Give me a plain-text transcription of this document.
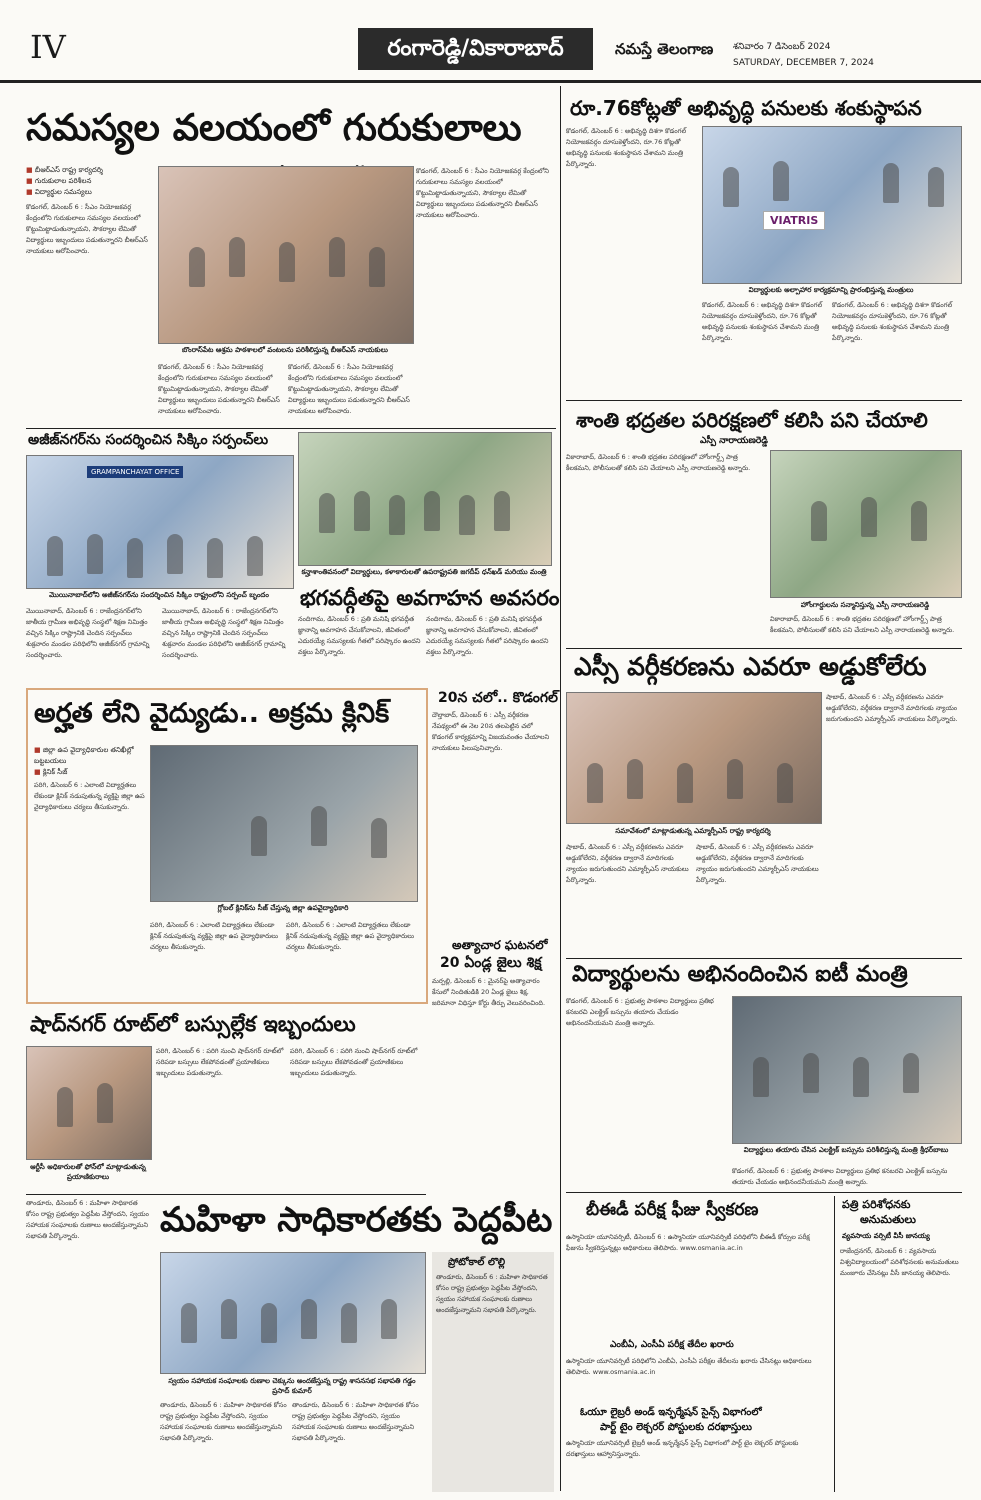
IV	రంగారెడ్డి/వికారాబాద్	నమస్తే తెలంగాణ శనివారం 7 డిసెంబర్ 2024
SATURDAY, DECEMBER 7, 2024
సమస్యల వలయంలో గురుకులాలు
■ బీఆర్‌ఎస్ రాష్ట్ర కార్యదర్శి
■ గురుకులాల పరిశీలన
■ విద్యార్థుల సమస్యలు
కొడంగల్, డిసెంబర్ 6 : సీఎం నియోజకవర్గ కేంద్రంలోని గురుకులాలు సమస్యల వలయంలో కొట్టుమిట్టాడుతున్నాయని, సౌకర్యాల లేమితో విద్యార్థులు ఇబ్బందులు పడుతున్నారని బీఆర్‌ఎస్ నాయకులు ఆరోపించారు.
బొంరాస్‌పేట ఆశ్రమ పాఠశాలలో వంటలను పరిశీలిస్తున్న బీఆర్‌ఎస్ నాయకులు
కొడంగల్, డిసెంబర్ 6 : సీఎం నియోజకవర్గ కేంద్రంలోని గురుకులాలు సమస్యల వలయంలో కొట్టుమిట్టాడుతున్నాయని, సౌకర్యాల లేమితో విద్యార్థులు ఇబ్బందులు పడుతున్నారని బీఆర్‌ఎస్ నాయకులు ఆరోపించారు.
కొడంగల్, డిసెంబర్ 6 : సీఎం నియోజకవర్గ కేంద్రంలోని గురుకులాలు సమస్యల వలయంలో కొట్టుమిట్టాడుతున్నాయని, సౌకర్యాల లేమితో విద్యార్థులు ఇబ్బందులు పడుతున్నారని బీఆర్‌ఎస్ నాయకులు ఆరోపించారు.
కొడంగల్, డిసెంబర్ 6 : సీఎం నియోజకవర్గ కేంద్రంలోని గురుకులాలు సమస్యల వలయంలో కొట్టుమిట్టాడుతున్నాయని, సౌకర్యాల లేమితో విద్యార్థులు ఇబ్బందులు పడుతున్నారని బీఆర్‌ఎస్ నాయకులు ఆరోపించారు.
అజీజ్‌నగర్‌ను సందర్శించిన సిక్కిం సర్పంచ్‌లు
GRAMPANCHAYAT OFFICE
మొయినాబాద్‌లోని అజీజ్‌నగర్‌ను సందర్శించిన సిక్కిం రాష్ట్రంలోని సర్పంచ్ బృందం
మొయినాబాద్, డిసెంబర్ 6 : రాజేంద్రనగర్‌లోని జాతీయ గ్రామీణ అభివృద్ధి సంస్థలో శిక్షణ నిమిత్తం వచ్చిన సిక్కిం రాష్ట్రానికి చెందిన సర్పంచ్‌లు శుక్రవారం మండల పరిధిలోని అజీజ్‌నగర్ గ్రామాన్ని సందర్శించారు.
మొయినాబాద్, డిసెంబర్ 6 : రాజేంద్రనగర్‌లోని జాతీయ గ్రామీణ అభివృద్ధి సంస్థలో శిక్షణ నిమిత్తం వచ్చిన సిక్కిం రాష్ట్రానికి చెందిన సర్పంచ్‌లు శుక్రవారం మండల పరిధిలోని అజీజ్‌నగర్ గ్రామాన్ని సందర్శించారు.
కన్హాశాంతివనంలో విద్యార్థులు, కళాకారులతో ఉపరాష్ట్రపతి జగదీప్ ధన్‌ఖడ్ మరియు మంత్రి
భగవద్గీతపై అవగాహన అవసరం
నందిగామ, డిసెంబర్ 6 : ప్రతి మనిషి భగవద్గీత జ్ఞానాన్ని అవగాహన చేసుకోవాలని, జీవితంలో ఎదురయ్యే సమస్యలకు గీతలో పరిష్కారం ఉందని వక్తలు పేర్కొన్నారు.
నందిగామ, డిసెంబర్ 6 : ప్రతి మనిషి భగవద్గీత జ్ఞానాన్ని అవగాహన చేసుకోవాలని, జీవితంలో ఎదురయ్యే సమస్యలకు గీతలో పరిష్కారం ఉందని వక్తలు పేర్కొన్నారు.
అర్హత లేని వైద్యుడు.. అక్రమ క్లినిక్
■ జిల్లా ఉప వైద్యాధికారుల తనిఖీల్లో బట్టబయలు
■ క్లినిక్ సీజ్
గ్లోబల్ క్లినిక్‌ను సీజ్ చేస్తున్న జిల్లా ఉపవైద్యాధికారి
పరిగి, డిసెంబర్ 6 : ఎలాంటి విద్యార్హతలు లేకుండా క్లినిక్ నడుపుతున్న వ్యక్తిపై జిల్లా ఉప వైద్యాధికారులు చర్యలు తీసుకున్నారు.
పరిగి, డిసెంబర్ 6 : ఎలాంటి విద్యార్హతలు లేకుండా క్లినిక్ నడుపుతున్న వ్యక్తిపై జిల్లా ఉప వైద్యాధికారులు చర్యలు తీసుకున్నారు.
పరిగి, డిసెంబర్ 6 : ఎలాంటి విద్యార్హతలు లేకుండా క్లినిక్ నడుపుతున్న వ్యక్తిపై జిల్లా ఉప వైద్యాధికారులు చర్యలు తీసుకున్నారు.
20న చలో.. కొడంగల్
దౌల్తాబాద్, డిసెంబర్ 6 : ఎస్సీ వర్గీకరణ నేపథ్యంలో ఈ నెల 20న తలపెట్టిన చలో కొడంగల్ కార్యక్రమాన్ని విజయవంతం చేయాలని నాయకులు పిలుపునిచ్చారు.
అత్యాచార ఘటనలో
20 ఏండ్ల జైలు శిక్ష
మర్పల్లి, డిసెంబర్ 6 : మైనర్‌పై అత్యాచారం కేసులో నిందితుడికి 20 ఏండ్ల జైలు శిక్ష, జరిమానా విధిస్తూ కోర్టు తీర్పు వెలువరించింది.
షాద్‌నగర్ రూట్‌లో బస్సుల్లేక ఇబ్బందులు
ఆర్టీసీ అధికారులతో ఫోన్‌లో మాట్లాడుతున్న ప్రయాణికురాలు
పరిగి, డిసెంబర్ 6 : పరిగి నుంచి షాద్‌నగర్ రూట్‌లో సరిపడా బస్సులు లేకపోవడంతో ప్రయాణికులు ఇబ్బందులు పడుతున్నారు.
పరిగి, డిసెంబర్ 6 : పరిగి నుంచి షాద్‌నగర్ రూట్‌లో సరిపడా బస్సులు లేకపోవడంతో ప్రయాణికులు ఇబ్బందులు పడుతున్నారు.
తాండూరు, డిసెంబర్ 6 : మహిళా సాధికారత కోసం రాష్ట్ర ప్రభుత్వం పెద్దపీట వేస్తోందని, స్వయం సహాయక సంఘాలకు రుణాలు అందజేస్తున్నామని సభాపతి పేర్కొన్నారు.	మహిళా సాధికారతకు పెద్దపీట
స్వయం సహాయక సంఘాలకు రుణాల చెక్కును అందజేస్తున్న రాష్ట్ర శాసనసభ సభాపతి గడ్డం ప్రసాద్ కుమార్
తాండూరు, డిసెంబర్ 6 : మహిళా సాధికారత కోసం రాష్ట్ర ప్రభుత్వం పెద్దపీట వేస్తోందని, స్వయం సహాయక సంఘాలకు రుణాలు అందజేస్తున్నామని సభాపతి పేర్కొన్నారు.
తాండూరు, డిసెంబర్ 6 : మహిళా సాధికారత కోసం రాష్ట్ర ప్రభుత్వం పెద్దపీట వేస్తోందని, స్వయం సహాయక సంఘాలకు రుణాలు అందజేస్తున్నామని సభాపతి పేర్కొన్నారు.
ప్రోటోకాల్ లొల్లి
తాండూరు, డిసెంబర్ 6 : మహిళా సాధికారత కోసం రాష్ట్ర ప్రభుత్వం పెద్దపీట వేస్తోందని, స్వయం సహాయక సంఘాలకు రుణాలు అందజేస్తున్నామని సభాపతి పేర్కొన్నారు.
రూ.76కోట్లతో అభివృద్ధి పనులకు శంకుస్థాపన
కొడంగల్, డిసెంబర్ 6 : అభివృద్ధి దిశగా కొడంగల్ నియోజకవర్గం దూసుకెళ్తోందని, రూ.76 కోట్లతో అభివృద్ధి పనులకు శంకుస్థాపన చేశామని మంత్రి పేర్కొన్నారు.
VIATRIS
విద్యార్థులకు అల్పాహార కార్యక్రమాన్ని ప్రారంభిస్తున్న మంత్రులు
కొడంగల్, డిసెంబర్ 6 : అభివృద్ధి దిశగా కొడంగల్ నియోజకవర్గం దూసుకెళ్తోందని, రూ.76 కోట్లతో అభివృద్ధి పనులకు శంకుస్థాపన చేశామని మంత్రి పేర్కొన్నారు.
కొడంగల్, డిసెంబర్ 6 : అభివృద్ధి దిశగా కొడంగల్ నియోజకవర్గం దూసుకెళ్తోందని, రూ.76 కోట్లతో అభివృద్ధి పనులకు శంకుస్థాపన చేశామని మంత్రి పేర్కొన్నారు.
శాంతి భద్రతల పరిరక్షణలో కలిసి పని చేయాలి
ఎస్పీ నారాయణరెడ్డి
వికారాబాద్, డిసెంబర్ 6 : శాంతి భద్రతల పరిరక్షణలో హోంగార్డ్స్ పాత్ర కీలకమని, పోలీసులతో కలిసి పని చేయాలని ఎస్పీ నారాయణరెడ్డి అన్నారు.
హోంగార్డులను సన్మానిస్తున్న ఎస్పీ నారాయణరెడ్డి
వికారాబాద్, డిసెంబర్ 6 : శాంతి భద్రతల పరిరక్షణలో హోంగార్డ్స్ పాత్ర కీలకమని, పోలీసులతో కలిసి పని చేయాలని ఎస్పీ నారాయణరెడ్డి అన్నారు.
ఎస్సీ వర్గీకరణను ఎవరూ అడ్డుకోలేరు
సమావేశంలో మాట్లాడుతున్న ఎమ్మార్పీఎస్ రాష్ట్ర కార్యదర్శి
షాబాద్, డిసెంబర్ 6 : ఎస్సీ వర్గీకరణను ఎవరూ అడ్డుకోలేరని, వర్గీకరణ ద్వారానే మాదిగలకు న్యాయం జరుగుతుందని ఎమ్మార్పీఎస్ నాయకులు పేర్కొన్నారు.
షాబాద్, డిసెంబర్ 6 : ఎస్సీ వర్గీకరణను ఎవరూ అడ్డుకోలేరని, వర్గీకరణ ద్వారానే మాదిగలకు న్యాయం జరుగుతుందని ఎమ్మార్పీఎస్ నాయకులు పేర్కొన్నారు.
షాబాద్, డిసెంబర్ 6 : ఎస్సీ వర్గీకరణను ఎవరూ అడ్డుకోలేరని, వర్గీకరణ ద్వారానే మాదిగలకు న్యాయం జరుగుతుందని ఎమ్మార్పీఎస్ నాయకులు పేర్కొన్నారు.
విద్యార్థులను అభినందించిన ఐటీ మంత్రి
కొడంగల్, డిసెంబర్ 6 : ప్రభుత్వ పాఠశాల విద్యార్థులు ప్రతిభ కనబరచి ఎలక్ట్రిక్ బస్సును తయారు చేయడం అభినందనీయమని మంత్రి అన్నారు.
విద్యార్థులు తయారు చేసిన ఎలక్ట్రిక్ బస్సును పరిశీలిస్తున్న మంత్రి శ్రీధర్‌బాబు
కొడంగల్, డిసెంబర్ 6 : ప్రభుత్వ పాఠశాల విద్యార్థులు ప్రతిభ కనబరచి ఎలక్ట్రిక్ బస్సును తయారు చేయడం అభినందనీయమని మంత్రి అన్నారు.
బీఈడీ పరీక్ష ఫీజు స్వీకరణ
ఉస్మానియా యూనివర్సిటీ, డిసెంబర్ 6 : ఉస్మానియా యూనివర్సిటీ పరిధిలోని బీఈడీ కోర్సుల పరీక్ష ఫీజును స్వీకరిస్తున్నట్లు అధికారులు తెలిపారు. www.osmania.ac.in
ఎంబీఏ, ఎంసీఏ పరీక్ష తేదీల ఖరారు
ఉస్మానియా యూనివర్సిటీ పరిధిలోని ఎంబీఏ, ఎంసీఏ పరీక్షల తేదీలను ఖరారు చేసినట్లు అధికారులు తెలిపారు. www.osmania.ac.in
ఓయూ లైబ్రరీ అండ్ ఇన్ఫర్మేషన్ సైన్స్ విభాగంలో
పార్ట్ టైం లెక్చరర్ పోస్టులకు దరఖాస్తులు
ఉస్మానియా యూనివర్సిటీ లైబ్రరీ అండ్ ఇన్ఫర్మేషన్ సైన్స్ విభాగంలో పార్ట్ టైం లెక్చరర్ పోస్టులకు దరఖాస్తులు ఆహ్వానిస్తున్నారు.
పత్రి పరిశోధనకు
అనుమతులు
వ్యవసాయ వర్సిటీ వీసీ జానయ్య
రాజేంద్రనగర్, డిసెంబర్ 6 : వ్యవసాయ విశ్వవిద్యాలయంలో పరిశోధనలకు అనుమతులు మంజూరు చేసినట్లు వీసీ జానయ్య తెలిపారు.
